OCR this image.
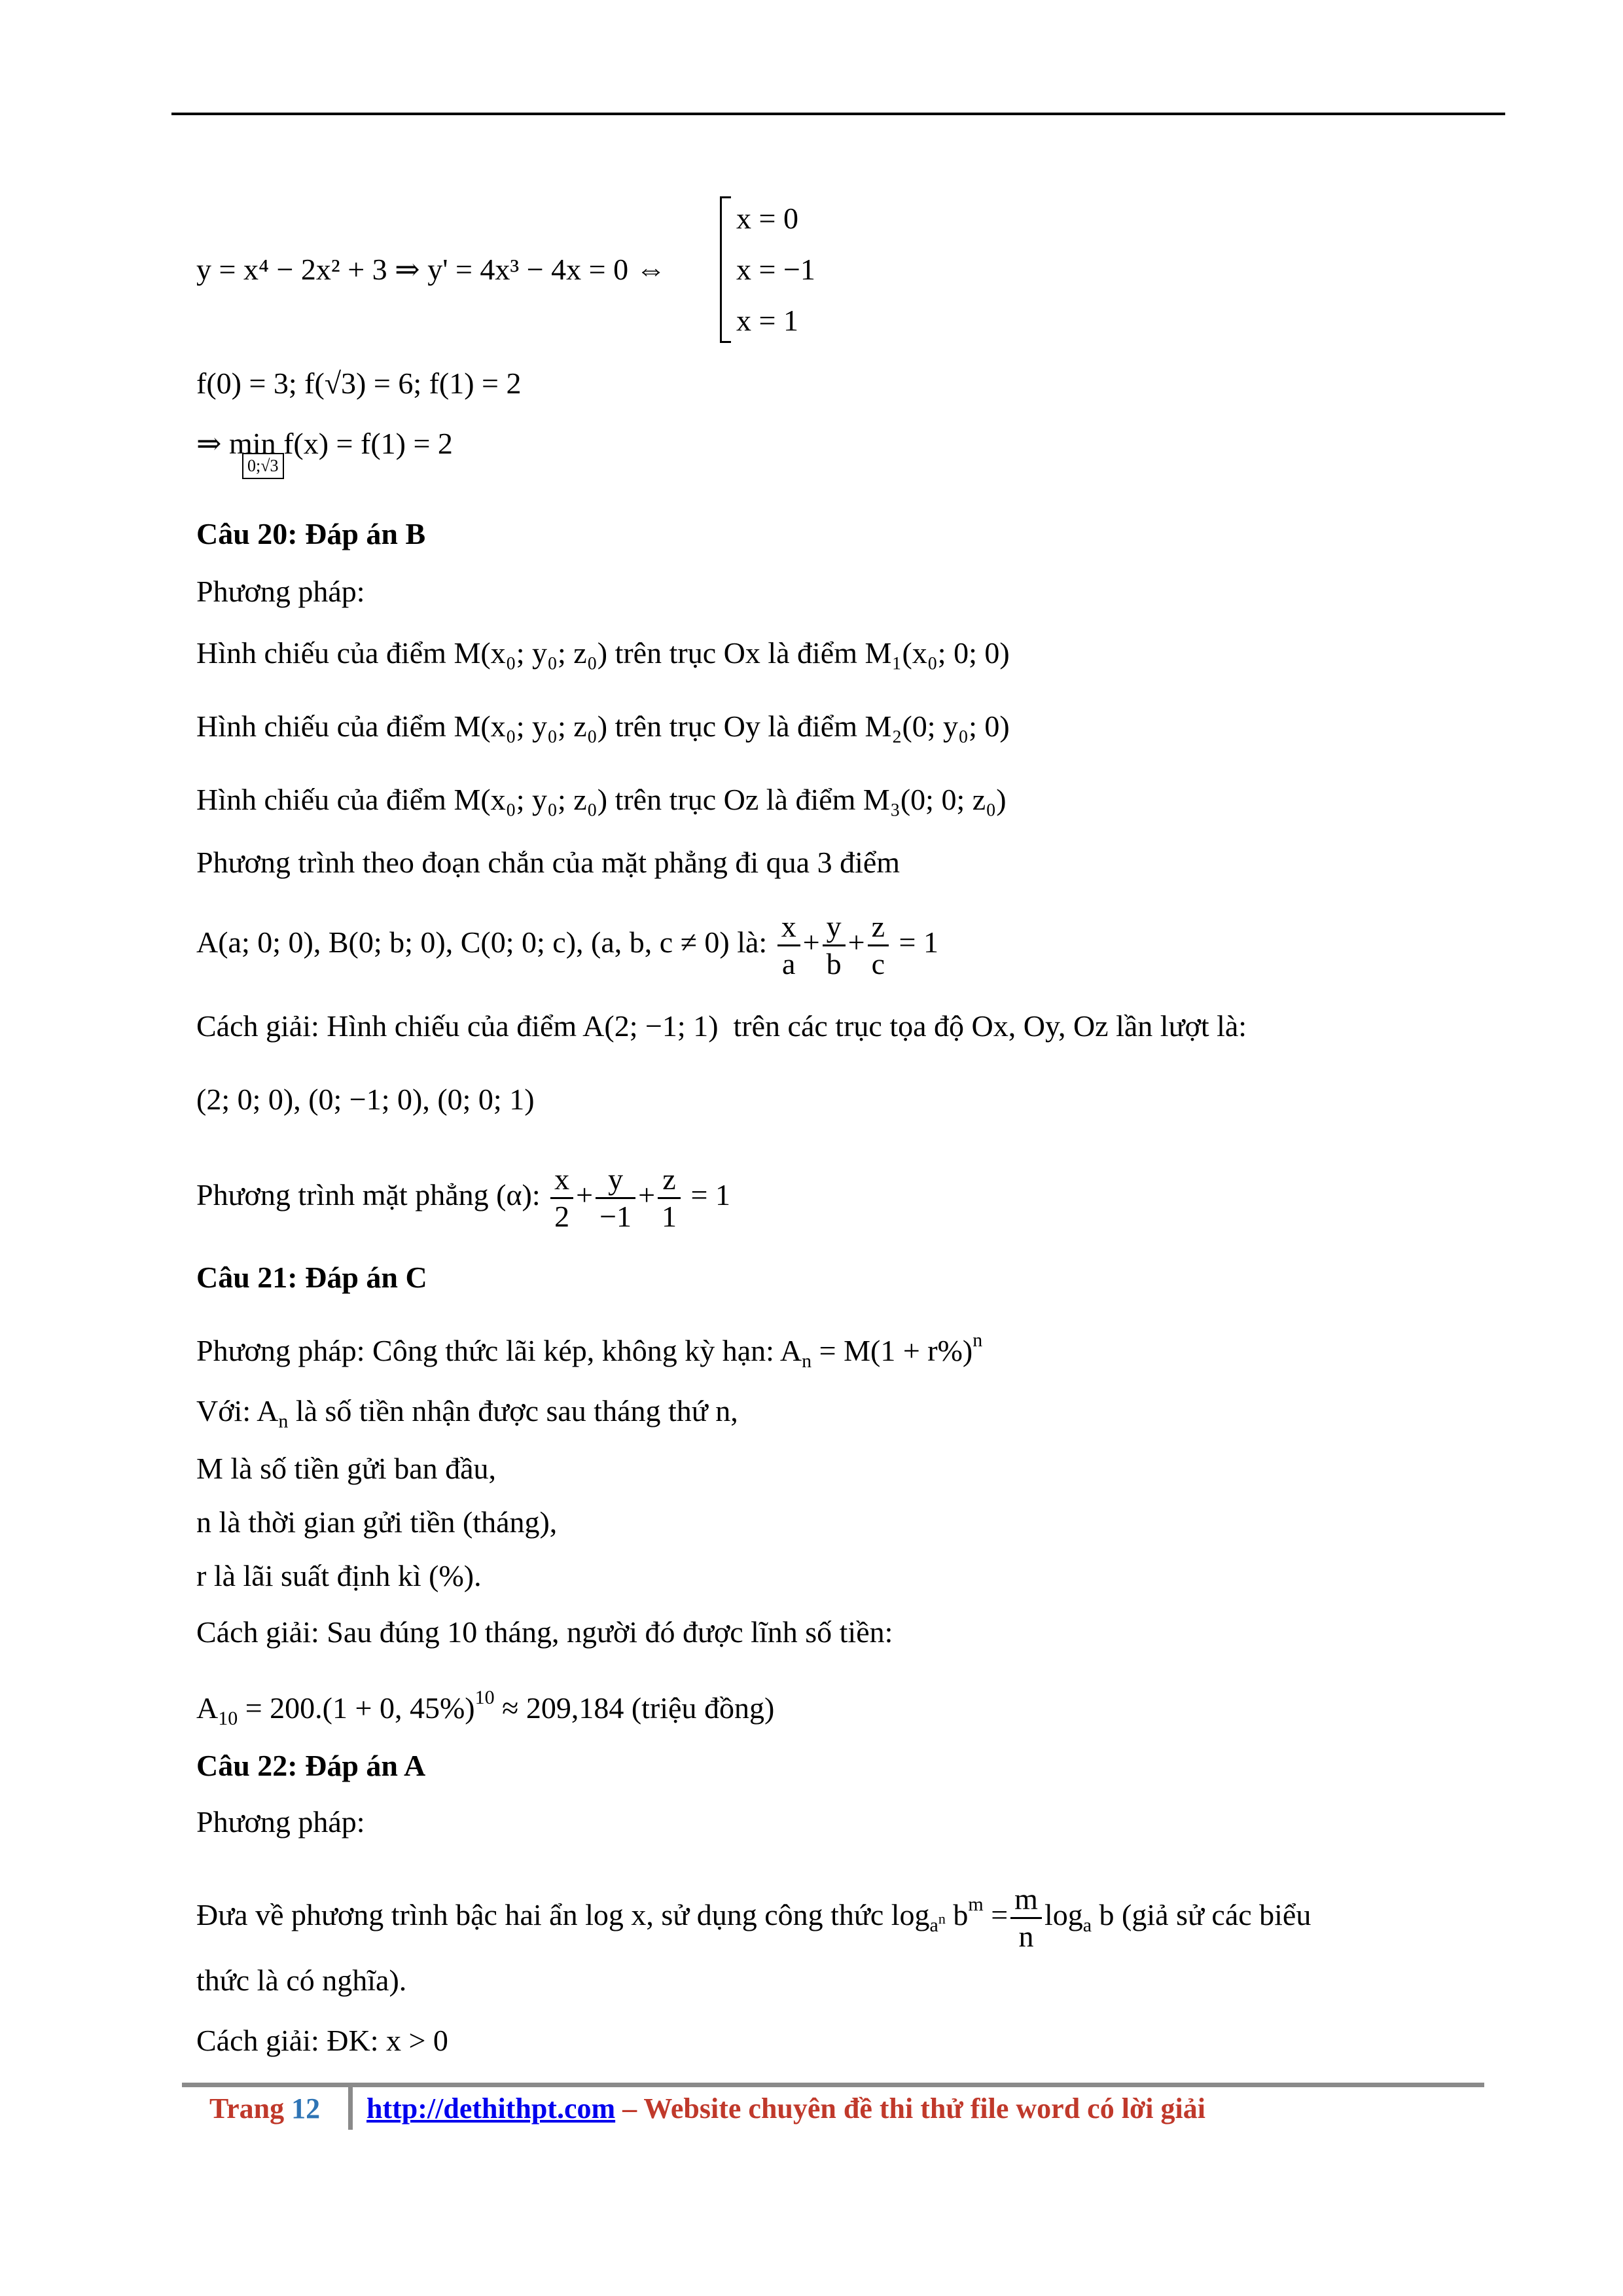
y = x⁴ − 2x² + 3 ⇒ y' = 4x³ − 4x = 0 ⇔
x = 0
x = −1
x = 1
f(0) = 3; f(√3) = 6; f(1) = 2
⇒ min f(x) = f(1) = 2
0;√3
Câu 20: Đáp án B
Phương pháp:
Hình chiếu của điểm M(x₀; y₀; z₀) trên trục Ox là điểm M₁(x₀; 0; 0)
Hình chiếu của điểm M(x₀; y₀; z₀) trên trục Oy là điểm M₂(0; y₀; 0)
Hình chiếu của điểm M(x₀; y₀; z₀) trên trục Oz là điểm M₃(0; 0; z₀)
Phương trình theo đoạn chắn của mặt phẳng đi qua 3 điểm
A(a; 0; 0), B(0; b; 0), C(0; 0; c), (a, b, c ≠ 0) là: $\frac{x}{a} + \frac{y}{b} + \frac{z}{c} = 1$
Cách giải: Hình chiếu của điểm A(2; −1; 1) trên các trục tọa độ Ox, Oy, Oz lần lượt là:
(2; 0; 0), (0; −1; 0), (0; 0; 1)
Phương trình mặt phẳng (α): $\frac{x}{2} + \frac{y}{-1} + \frac{z}{1} = 1$
Câu 21: Đáp án C
Phương pháp: Công thức lãi kép, không kỳ hạn: $A_n = M(1 + r\%)^n$
Với: $A_n$ là số tiền nhận được sau tháng thứ n,
M là số tiền gửi ban đầu,
n là thời gian gửi tiền (tháng),
r là lãi suất định kì (%).
Cách giải: Sau đúng 10 tháng, người đó được lĩnh số tiền:
$A_{10} = 200.(1 + 0$, 45%)$^{10}$ ≈ 209,184 (triệu đồng)
Câu 22: Đáp án A
Phương pháp:
Đưa về phương trình bậc hai ẩn log x, sử dụng công thức $\log_{a^n} b^m = \frac{m}{n} \log_a b$ (giả sử các biểu
thức là có nghĩa).
Cách giải: ĐK: x > 0
Trang 12 http://dethithpt.com – Website chuyên đề thi thử file word có lời giải
